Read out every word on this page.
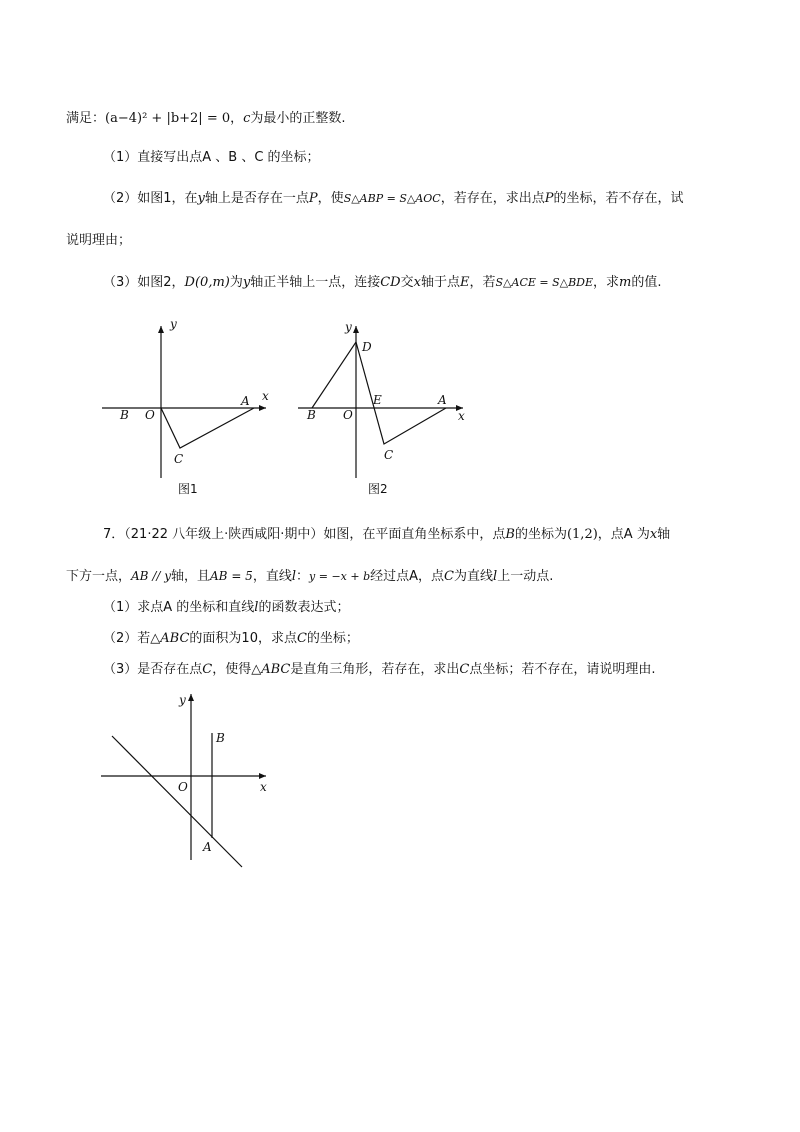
满足：(a−4)² + |b+2| = 0，c为最小的正整数.
（1）直接写出点A 、B 、C 的坐标；
（2）如图1，在y轴上是否存在一点P，使S△ABP = S△AOC，若存在，求出点P的坐标，若不存在，试
说明理由；
（3）如图2，D(0,m)为y轴正半轴上一点，连接CD交x轴于点E，若S△ACE = S△BDE，求m的值.
y
x
A
B O
C
图1
y
D
x
A
B O
E
C
图2
y
B
O	x
A
7．（21·22 八年级上·陕西咸阳·期中）如图，在平面直角坐标系中，点B的坐标为(1,2)，点A 为x轴
下方一点，AB // y轴，且AB = 5，直线l：y = −x + b经过点A，点C为直线l上一动点.
（1）求点A 的坐标和直线l的函数表达式；
（2）若△ABC的面积为10，求点C的坐标；
（3）是否存在点C，使得△ABC是直角三角形，若存在，求出C点坐标；若不存在，请说明理由.
